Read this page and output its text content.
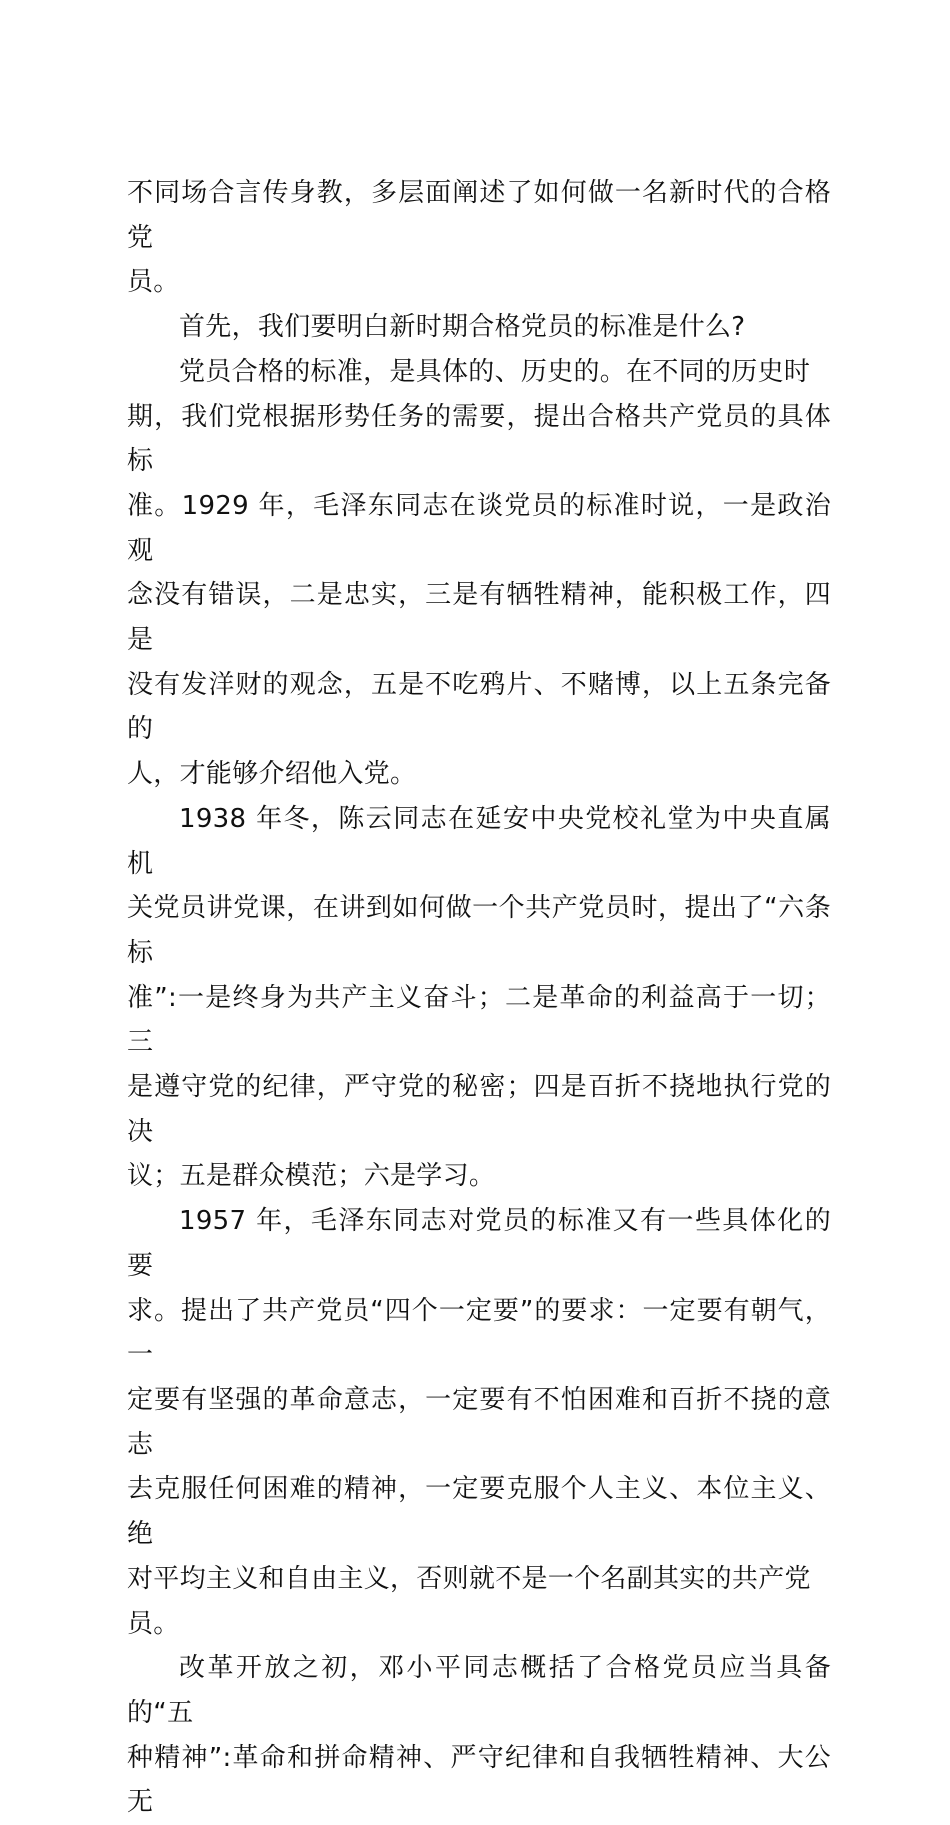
不同场合言传身教，多层面阐述了如何做一名新时代的合格党
员。
首先，我们要明白新时期合格党员的标准是什么?
党员合格的标准，是具体的、历史的。在不同的历史时
期，我们党根据形势任务的需要，提出合格共产党员的具体标
准。1929 年，毛泽东同志在谈党员的标准时说，一是政治观
念没有错误，二是忠实，三是有牺牲精神，能积极工作，四是
没有发洋财的观念，五是不吃鸦片、不赌博，以上五条完备的
人，才能够介绍他入党。
1938 年冬，陈云同志在延安中央党校礼堂为中央直属机
关党员讲党课，在讲到如何做一个共产党员时，提出了“六条标
准”:一是终身为共产主义奋斗；二是革命的利益高于一切；三
是遵守党的纪律，严守党的秘密；四是百折不挠地执行党的决
议；五是群众模范；六是学习。
1957 年，毛泽东同志对党员的标准又有一些具体化的要
求。提出了共产党员“四个一定要”的要求：一定要有朝气，一
定要有坚强的革命意志，一定要有不怕困难和百折不挠的意志
去克服任何困难的精神，一定要克服个人主义、本位主义、绝
对平均主义和自由主义，否则就不是一个名副其实的共产党
员。
改革开放之初，邓小平同志概括了合格党员应当具备的“五
种精神”:革命和拼命精神、严守纪律和自我牺牲精神、大公无
